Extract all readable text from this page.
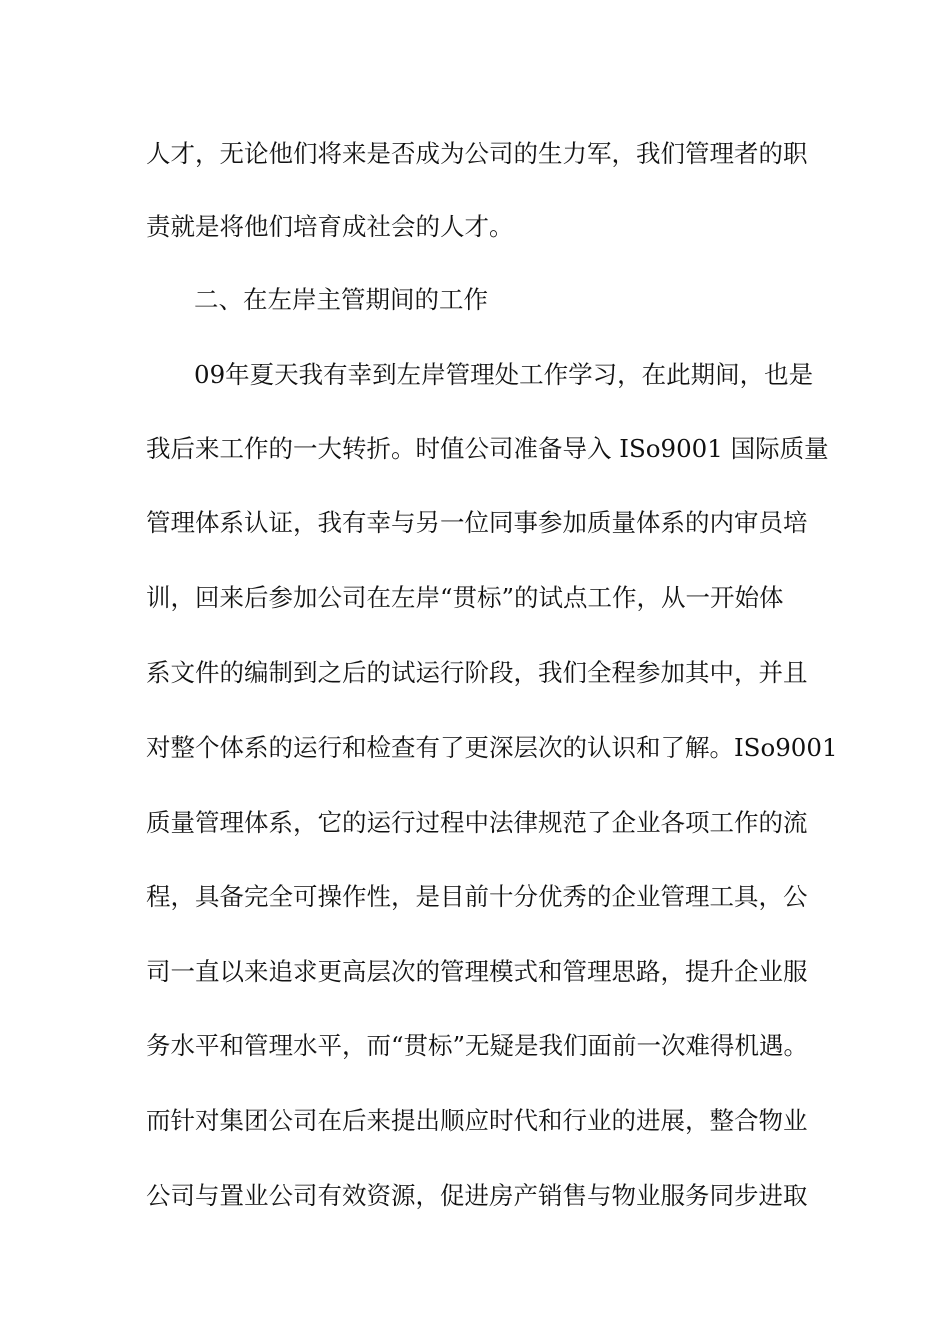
人才，无论他们将来是否成为公司的生力军，我们管理者的职
责就是将他们培育成社会的人才。
二、在左岸主管期间的工作
09年夏天我有幸到左岸管理处工作学习，在此期间，也是
我后来工作的一大转折。时值公司准备导入 ISo9001 国际质量
管理体系认证，我有幸与另一位同事参加质量体系的内审员培
训，回来后参加公司在左岸“贯标”的试点工作，从一开始体
系文件的编制到之后的试运行阶段，我们全程参加其中，并且
对整个体系的运行和检查有了更深层次的认识和了解。ISo9001
质量管理体系，它的运行过程中法律规范了企业各项工作的流
程，具备完全可操作性，是目前十分优秀的企业管理工具，公
司一直以来追求更高层次的管理模式和管理思路，提升企业服
务水平和管理水平，而“贯标”无疑是我们面前一次难得机遇。
而针对集团公司在后来提出顺应时代和行业的进展，整合物业
公司与置业公司有效资源，促进房产销售与物业服务同步进取
